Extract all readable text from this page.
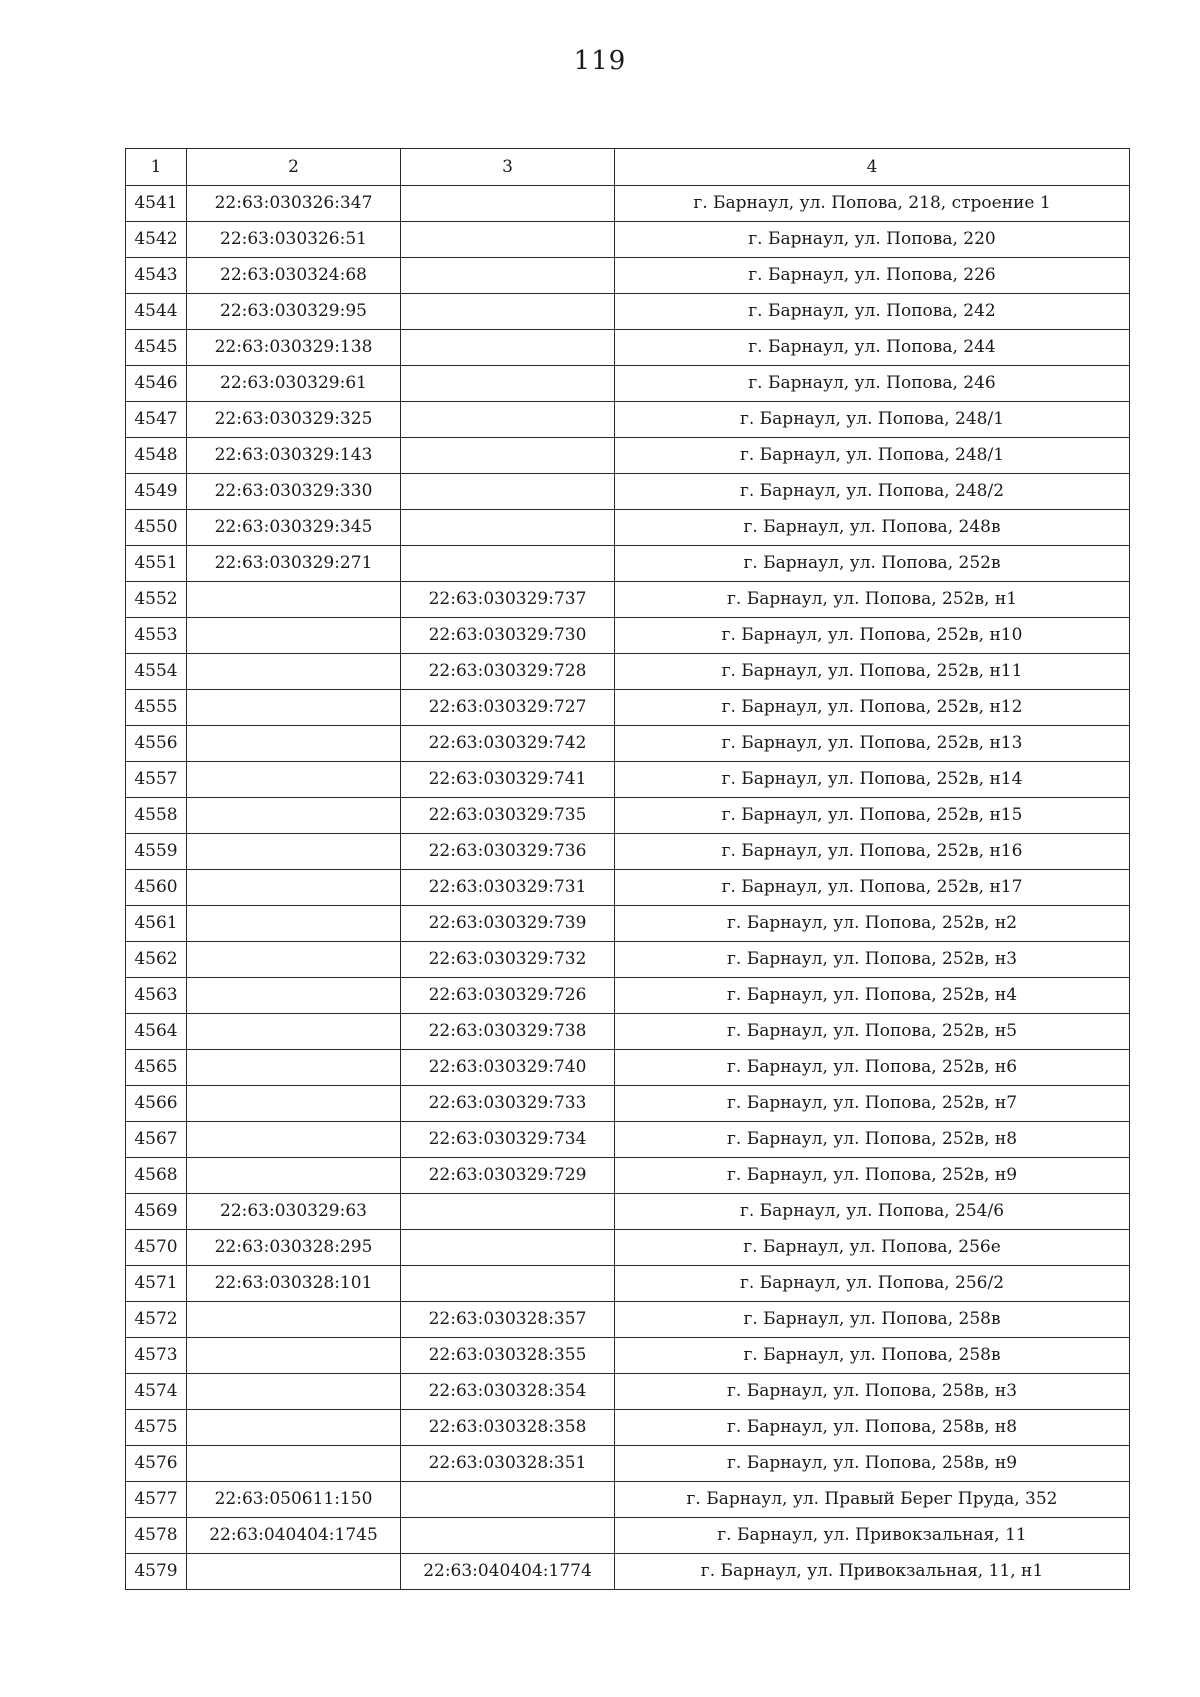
119
1	2	3	4
4541	22:63:030326:347		г. Барнаул, ул. Попова, 218, строение 1
4542	22:63:030326:51		г. Барнаул, ул. Попова, 220
4543	22:63:030324:68		г. Барнаул, ул. Попова, 226
4544	22:63:030329:95		г. Барнаул, ул. Попова, 242
4545	22:63:030329:138		г. Барнаул, ул. Попова, 244
4546	22:63:030329:61		г. Барнаул, ул. Попова, 246
4547	22:63:030329:325		г. Барнаул, ул. Попова, 248/1
4548	22:63:030329:143		г. Барнаул, ул. Попова, 248/1
4549	22:63:030329:330		г. Барнаул, ул. Попова, 248/2
4550	22:63:030329:345		г. Барнаул, ул. Попова, 248в
4551	22:63:030329:271		г. Барнаул, ул. Попова, 252в
4552		22:63:030329:737	г. Барнаул, ул. Попова, 252в, н1
4553		22:63:030329:730	г. Барнаул, ул. Попова, 252в, н10
4554		22:63:030329:728	г. Барнаул, ул. Попова, 252в, н11
4555		22:63:030329:727	г. Барнаул, ул. Попова, 252в, н12
4556		22:63:030329:742	г. Барнаул, ул. Попова, 252в, н13
4557		22:63:030329:741	г. Барнаул, ул. Попова, 252в, н14
4558		22:63:030329:735	г. Барнаул, ул. Попова, 252в, н15
4559		22:63:030329:736	г. Барнаул, ул. Попова, 252в, н16
4560		22:63:030329:731	г. Барнаул, ул. Попова, 252в, н17
4561		22:63:030329:739	г. Барнаул, ул. Попова, 252в, н2
4562		22:63:030329:732	г. Барнаул, ул. Попова, 252в, н3
4563		22:63:030329:726	г. Барнаул, ул. Попова, 252в, н4
4564		22:63:030329:738	г. Барнаул, ул. Попова, 252в, н5
4565		22:63:030329:740	г. Барнаул, ул. Попова, 252в, н6
4566		22:63:030329:733	г. Барнаул, ул. Попова, 252в, н7
4567		22:63:030329:734	г. Барнаул, ул. Попова, 252в, н8
4568		22:63:030329:729	г. Барнаул, ул. Попова, 252в, н9
4569	22:63:030329:63		г. Барнаул, ул. Попова, 254/6
4570	22:63:030328:295		г. Барнаул, ул. Попова, 256е
4571	22:63:030328:101		г. Барнаул, ул. Попова, 256/2
4572		22:63:030328:357	г. Барнаул, ул. Попова, 258в
4573		22:63:030328:355	г. Барнаул, ул. Попова, 258в
4574		22:63:030328:354	г. Барнаул, ул. Попова, 258в, н3
4575		22:63:030328:358	г. Барнаул, ул. Попова, 258в, н8
4576		22:63:030328:351	г. Барнаул, ул. Попова, 258в, н9
4577	22:63:050611:150		г. Барнаул, ул. Правый Берег Пруда, 352
4578	22:63:040404:1745		г. Барнаул, ул. Привокзальная, 11
4579		22:63:040404:1774	г. Барнаул, ул. Привокзальная, 11, н1
